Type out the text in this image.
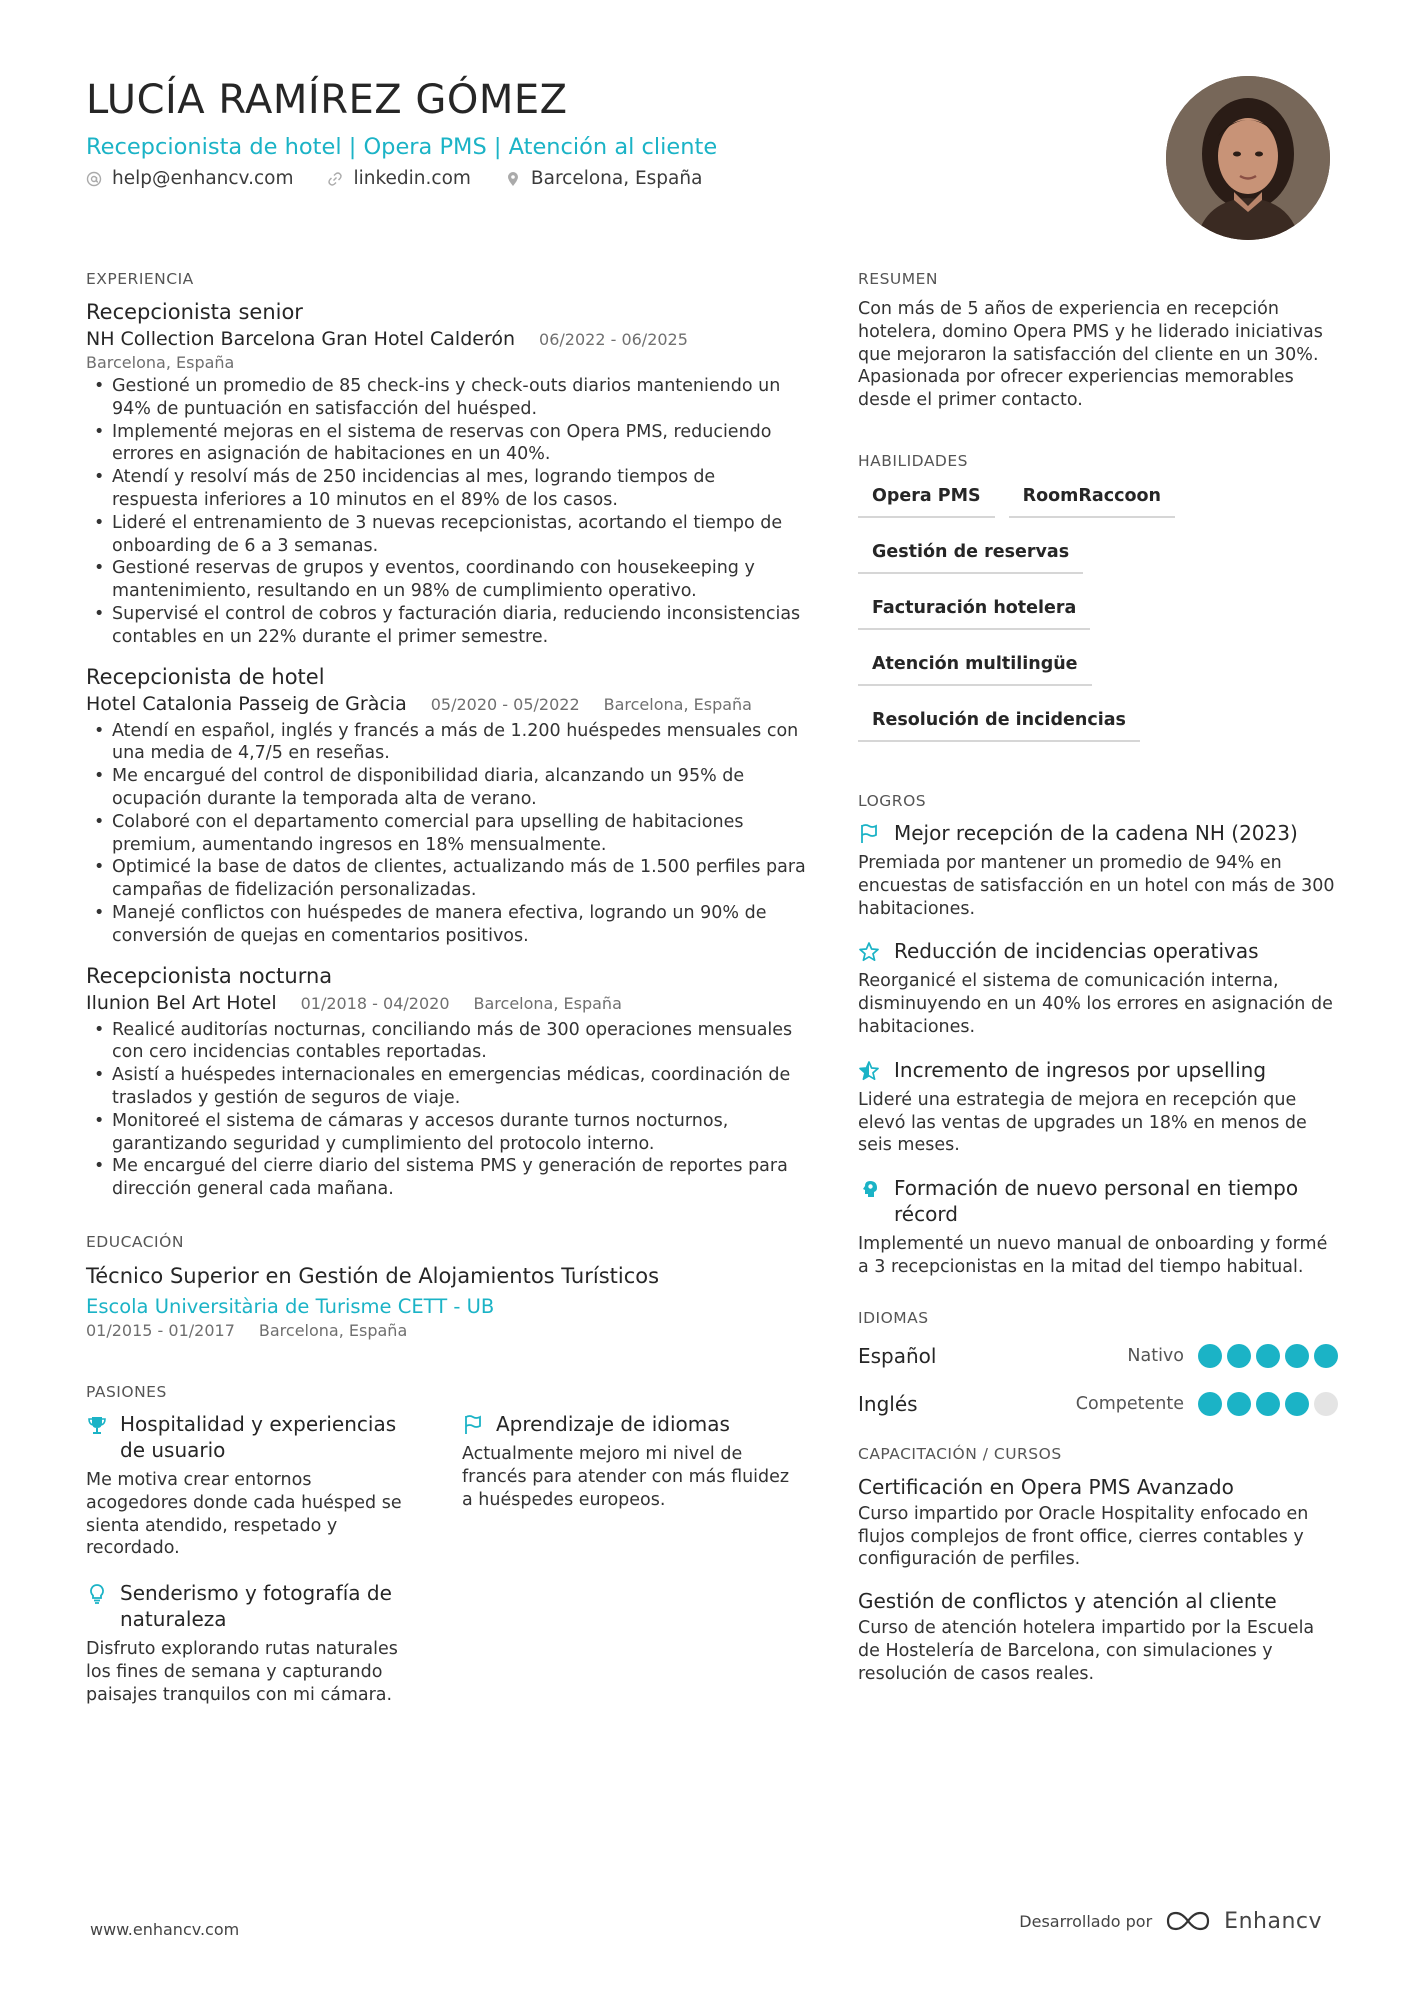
LUCÍA RAMÍREZ GÓMEZ
Recepcionista de hotel | Opera PMS | Atención al cliente
help@enhancv.com	linkedin.com	Barcelona, España
EXPERIENCIA
Recepcionista senior
NH Collection Barcelona Gran Hotel Calderón 06/2022 - 06/2025
Barcelona, España
• Gestioné un promedio de 85 check-ins y check-outs diarios manteniendo un 94% de puntuación en satisfacción del huésped.
• Implementé mejoras en el sistema de reservas con Opera PMS, reduciendo errores en asignación de habitaciones en un 40%.
• Atendí y resolví más de 250 incidencias al mes, logrando tiempos de respuesta inferiores a 10 minutos en el 89% de los casos.
• Lideré el entrenamiento de 3 nuevas recepcionistas, acortando el tiempo de onboarding de 6 a 3 semanas.
• Gestioné reservas de grupos y eventos, coordinando con housekeeping y mantenimiento, resultando en un 98% de cumplimiento operativo.
• Supervisé el control de cobros y facturación diaria, reduciendo inconsistencias contables en un 22% durante el primer semestre.
Recepcionista de hotel
Hotel Catalonia Passeig de Gràcia 05/2020 - 05/2022 Barcelona, España
• Atendí en español, inglés y francés a más de 1.200 huéspedes mensuales con una media de 4,7/5 en reseñas.
• Me encargué del control de disponibilidad diaria, alcanzando un 95% de ocupación durante la temporada alta de verano.
• Colaboré con el departamento comercial para upselling de habitaciones premium, aumentando ingresos en 18% mensualmente.
• Optimicé la base de datos de clientes, actualizando más de 1.500 perfiles para campañas de fidelización personalizadas.
• Manejé conflictos con huéspedes de manera efectiva, logrando un 90% de conversión de quejas en comentarios positivos.
Recepcionista nocturna
Ilunion Bel Art Hotel 01/2018 - 04/2020 Barcelona, España
• Realicé auditorías nocturnas, conciliando más de 300 operaciones mensuales con cero incidencias contables reportadas.
• Asistí a huéspedes internacionales en emergencias médicas, coordinación de traslados y gestión de seguros de viaje.
• Monitoreé el sistema de cámaras y accesos durante turnos nocturnos, garantizando seguridad y cumplimiento del protocolo interno.
• Me encargué del cierre diario del sistema PMS y generación de reportes para dirección general cada mañana.
EDUCACIÓN
Técnico Superior en Gestión de Alojamientos Turísticos
Escola Universitària de Turisme CETT - UB
01/2015 - 01/2017 Barcelona, España
PASIONES
Hospitalidad y experiencias de usuario
Me motiva crear entornos acogedores donde cada huésped se sienta atendido, respetado y recordado.
Aprendizaje de idiomas
Actualmente mejoro mi nivel de francés para atender con más fluidez a huéspedes europeos.
Senderismo y fotografía de naturaleza
Disfruto explorando rutas naturales los fines de semana y capturando paisajes tranquilos con mi cámara.
RESUMEN
Con más de 5 años de experiencia en recepción hotelera, domino Opera PMS y he liderado iniciativas que mejoraron la satisfacción del cliente en un 30%. Apasionada por ofrecer experiencias memorables desde el primer contacto.
HABILIDADES
Opera PMS	RoomRaccoon
Gestión de reservas
Facturación hotelera
Atención multilingüe
Resolución de incidencias
LOGROS
Mejor recepción de la cadena NH (2023)
Premiada por mantener un promedio de 94% en encuestas de satisfacción en un hotel con más de 300 habitaciones.
Reducción de incidencias operativas
Reorganicé el sistema de comunicación interna, disminuyendo en un 40% los errores en asignación de habitaciones.
Incremento de ingresos por upselling
Lideré una estrategia de mejora en recepción que elevó las ventas de upgrades un 18% en menos de seis meses.
Formación de nuevo personal en tiempo récord
Implementé un nuevo manual de onboarding y formé a 3 recepcionistas en la mitad del tiempo habitual.
IDIOMAS
Español	Nativo
Inglés	Competente
CAPACITACIÓN / CURSOS
Certificación en Opera PMS Avanzado
Curso impartido por Oracle Hospitality enfocado en flujos complejos de front office, cierres contables y configuración de perfiles.
Gestión de conflictos y atención al cliente
Curso de atención hotelera impartido por la Escuela de Hostelería de Barcelona, con simulaciones y resolución de casos reales.
www.enhancv.com	Desarrollado por	Enhancv
